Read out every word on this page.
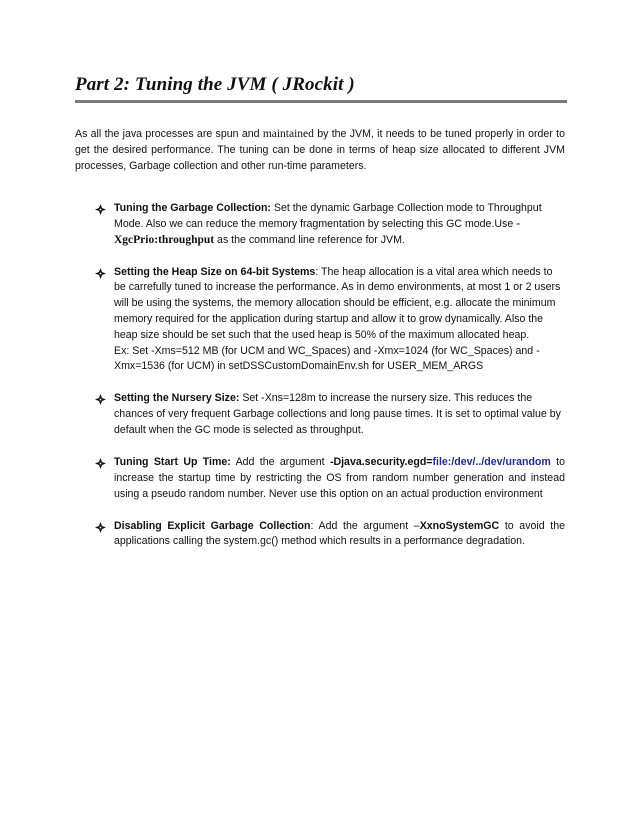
Part 2: Tuning the JVM ( JRockit )

As all the java processes are spun and maintained by the JVM, it needs to be tuned properly in order to get the desired performance. The tuning can be done in terms of heap size allocated to different JVM processes, Garbage collection and other run-time parameters.

Tuning the Garbage Collection: Set the dynamic Garbage Collection mode to Throughput Mode. Also we can reduce the memory fragmentation by selecting this GC mode.Use -XgcPrio:throughput as the command line reference for JVM.
Setting the Heap Size on 64-bit Systems: The heap allocation is a vital area which needs to be carrefully tuned to increase the performance. As in demo environments, at most 1 or 2 users will be using the systems, the memory allocation should be efficient, e.g. allocate the minimum memory required for the application during startup and allow it to grow dynamically. Also the heap size should be set such that the used heap is 50% of the maximum allocated heap.
Ex: Set -Xms=512 MB (for UCM and WC_Spaces) and -Xmx=1024 (for WC_Spaces) and -
Xmx=1536 (for UCM) in setDSSCustomDomainEnv.sh for USER_MEM_ARGS
Setting the Nursery Size: Set -Xns=128m to increase the nursery size. This reduces the chances of very frequent Garbage collections and long pause times. It is set to optimal value by default when the GC mode is selected as throughput.
Tuning Start Up Time: Add the argument -Djava.security.egd=file:/dev/../dev/urandom to increase the startup time by restricting the OS from random number generation and instead using a pseudo random number. Never use this option on an actual production environment
Disabling Explicit Garbage Collection: Add the argument –XxnoSystemGC to avoid the applications calling the system.gc() method which results in a performance degradation.
